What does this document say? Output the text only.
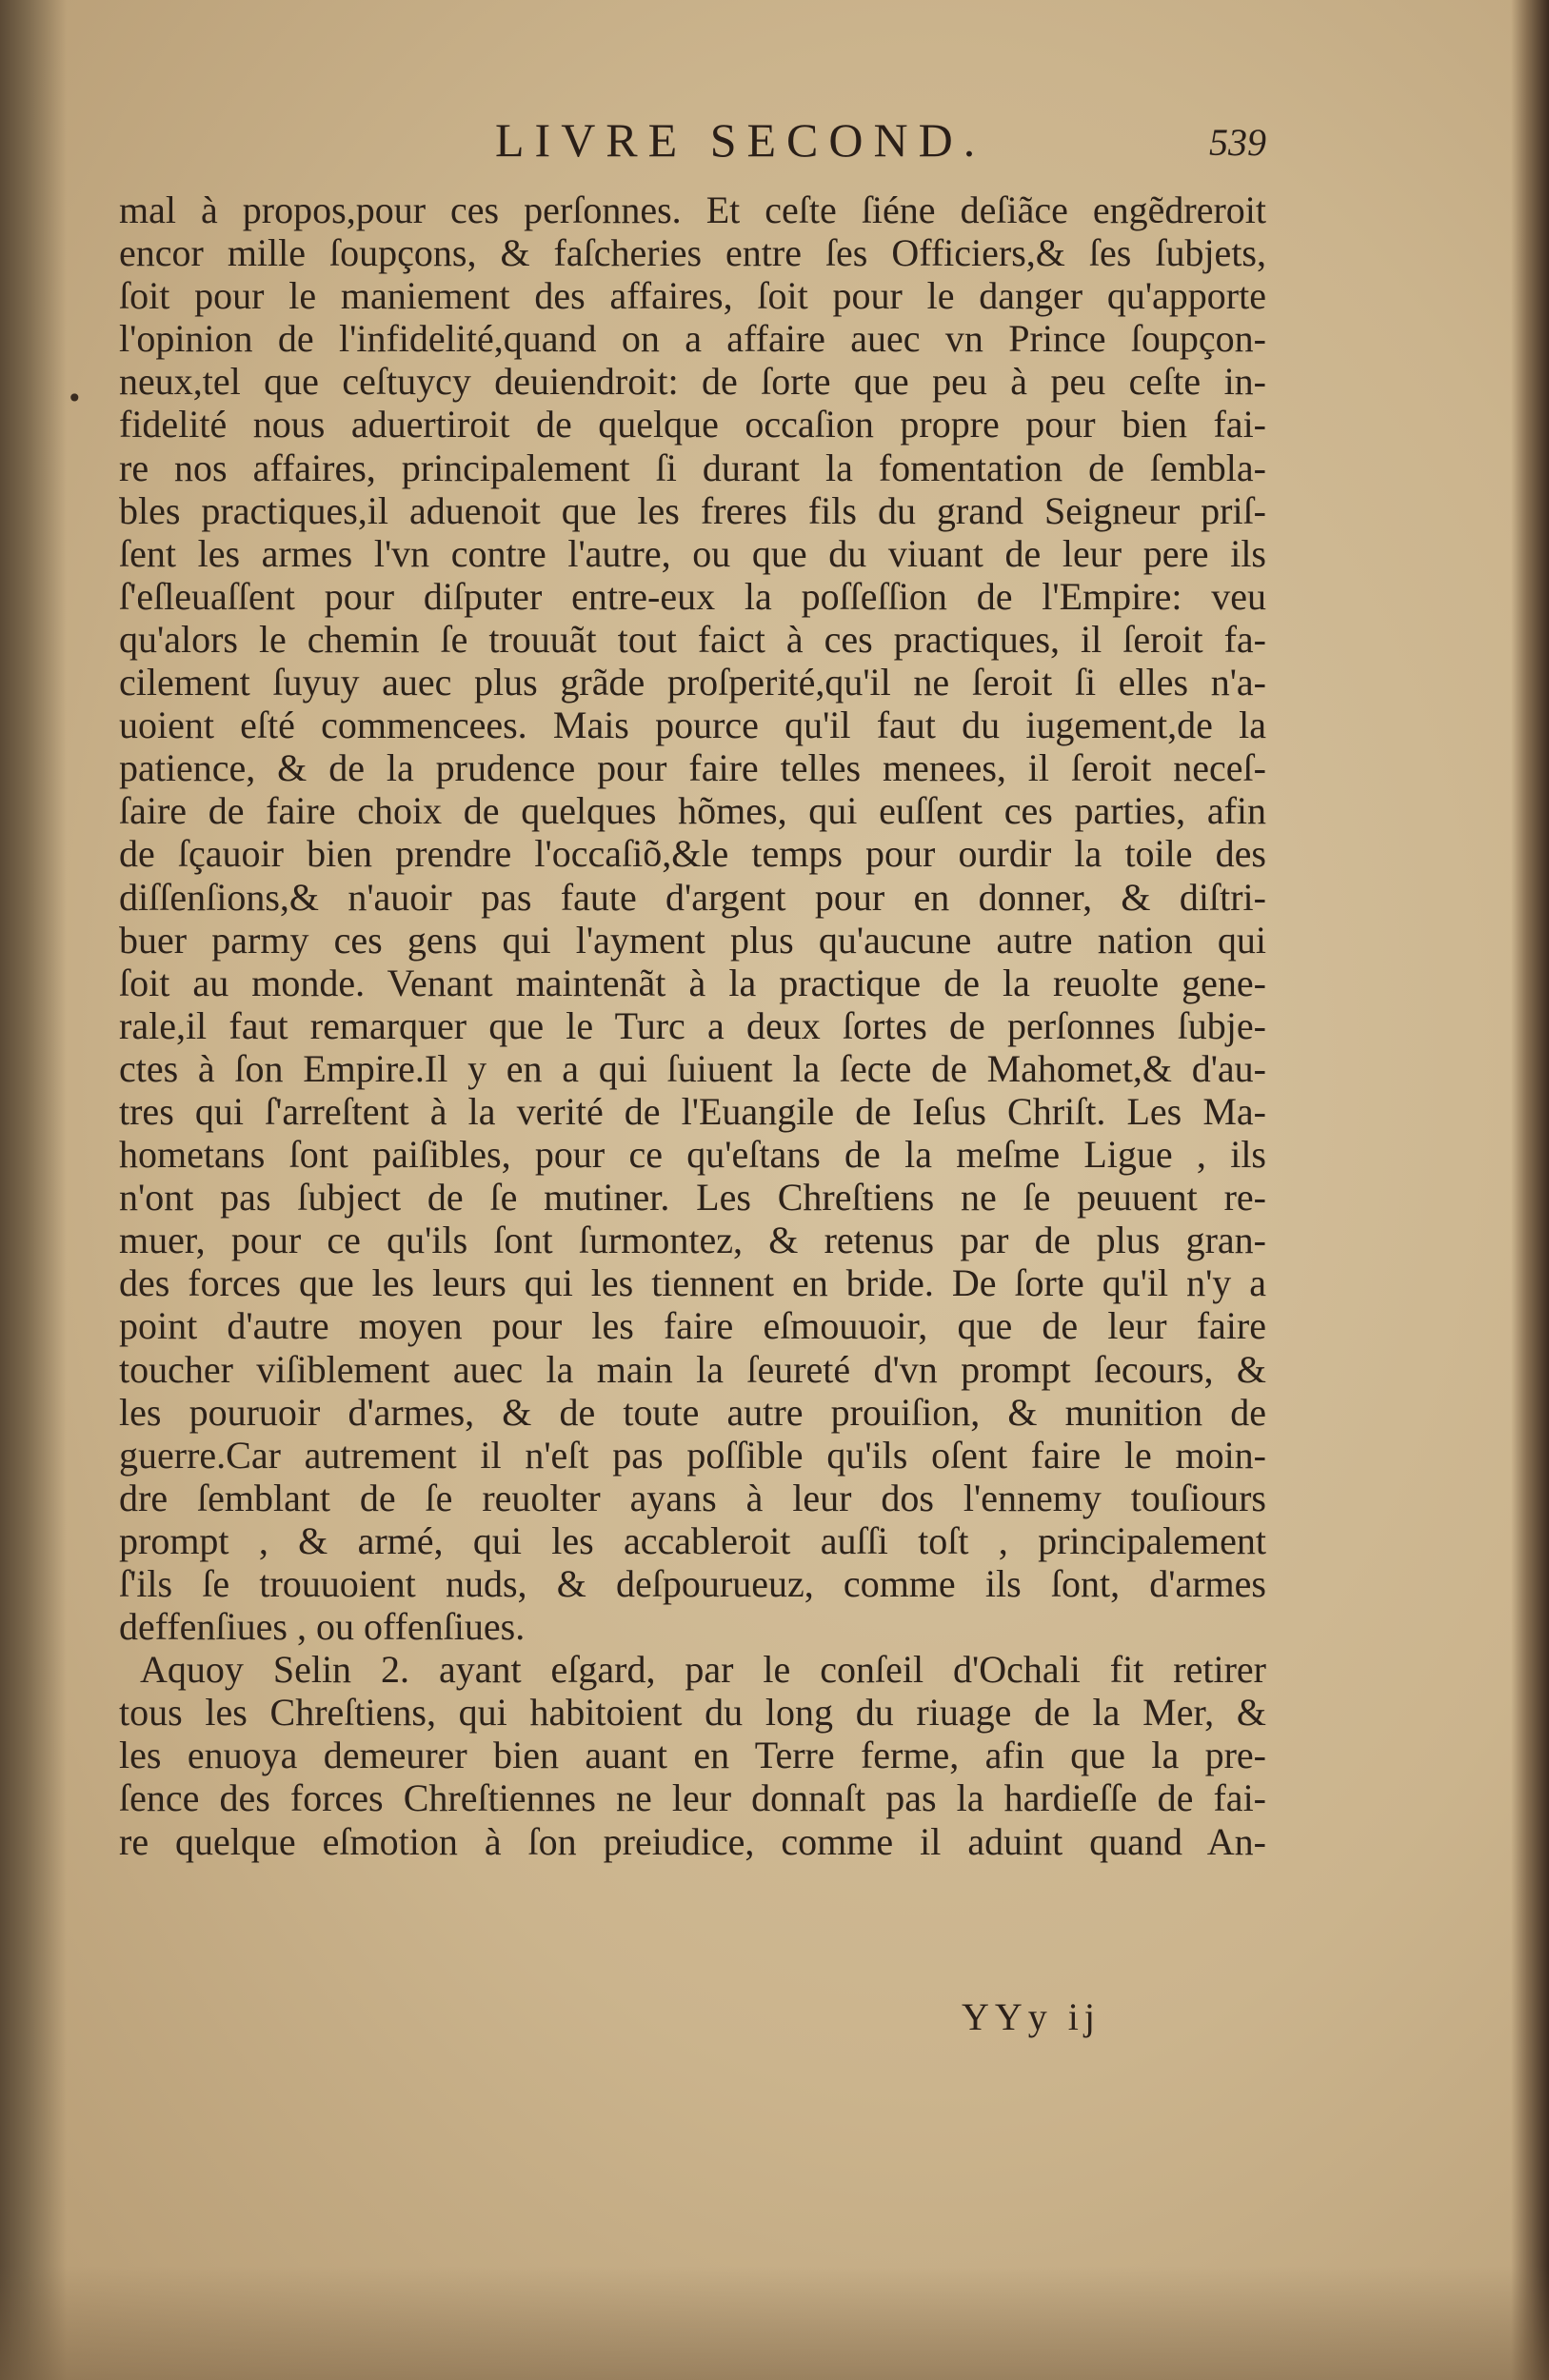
LIVRE SECOND.	539
•
mal à propos,pour ces perſonnes. Et ceſte ſiéne deſiãce engẽdreroit
encor mille ſoupçons, & faſcheries entre ſes Officiers,& ſes ſubjets,
ſoit pour le maniement des affaires, ſoit pour le danger qu'apporte
l'opinion de l'infidelité,quand on a affaire auec vn Prince ſoupçon-
neux,tel que ceſtuycy deuiendroit: de ſorte que peu à peu ceſte in-
fidelité nous aduertiroit de quelque occaſion propre pour bien fai-
re nos affaires, principalement ſi durant la fomentation de ſembla-
bles practiques,il aduenoit que les freres fils du grand Seigneur priſ-
ſent les armes l'vn contre l'autre, ou que du viuant de leur pere ils
ſ'eſleuaſſent pour diſputer entre-eux la poſſeſſion de l'Empire: veu
qu'alors le chemin ſe trouuãt tout faict à ces practiques, il ſeroit fa-
cilement ſuyuy auec plus grãde proſperité,qu'il ne ſeroit ſi elles n'a-
uoient eſté commencees. Mais pource qu'il faut du iugement,de la
patience, & de la prudence pour faire telles menees, il ſeroit neceſ-
ſaire de faire choix de quelques hõmes, qui euſſent ces parties, afin
de ſçauoir bien prendre l'occaſiõ,&le temps pour ourdir la toile des
diſſenſions,& n'auoir pas faute d'argent pour en donner, & diſtri-
buer parmy ces gens qui l'ayment plus qu'aucune autre nation qui
ſoit au monde. Venant maintenãt à la practique de la reuolte gene-
rale,il faut remarquer que le Turc a deux ſortes de perſonnes ſubje-
ctes à ſon Empire.Il y en a qui ſuiuent la ſecte de Mahomet,& d'au-
tres qui ſ'arreſtent à la verité de l'Euangile de Ieſus Chriſt. Les Ma-
hometans ſont paiſibles, pour ce qu'eſtans de la meſme Ligue , ils
n'ont pas ſubject de ſe mutiner. Les Chreſtiens ne ſe peuuent re-
muer, pour ce qu'ils ſont ſurmontez, & retenus par de plus gran-
des forces que les leurs qui les tiennent en bride. De ſorte qu'il n'y a
point d'autre moyen pour les faire eſmouuoir, que de leur faire
toucher viſiblement auec la main la ſeureté d'vn prompt ſecours, &
les pouruoir d'armes, & de toute autre prouiſion, & munition de
guerre.Car autrement il n'eſt pas poſſible qu'ils oſent faire le moin-
dre ſemblant de ſe reuolter ayans à leur dos l'ennemy touſiours
prompt , & armé, qui les accableroit auſſi toſt , principalement
ſ'ils ſe trouuoient nuds, & deſpourueuz, comme ils ſont, d'armes
deffenſiues , ou offenſiues.
Aquoy Selin 2. ayant eſgard, par le conſeil d'Ochali fit retirer
tous les Chreſtiens, qui habitoient du long du riuage de la Mer, &
les enuoya demeurer bien auant en Terre ferme, afin que la pre-
ſence des forces Chreſtiennes ne leur donnaſt pas la hardieſſe de fai-
re quelque eſmotion à ſon preiudice, comme il aduint quand An-
YYy ij
